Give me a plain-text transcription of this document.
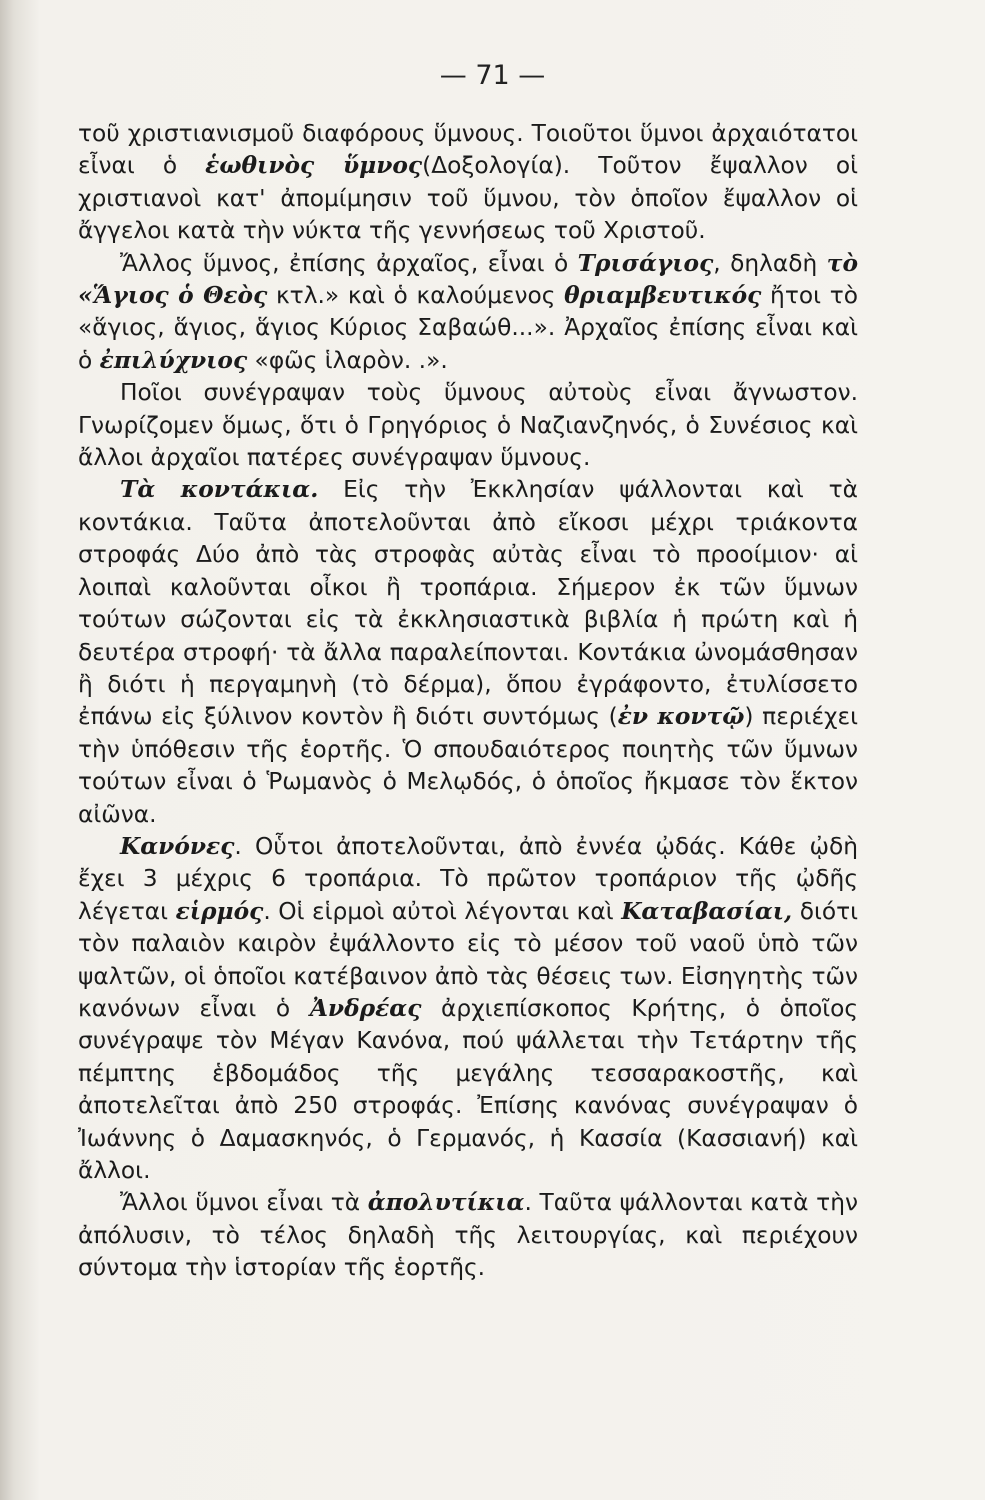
— 71 —

τοῦ χριστιανισμοῦ διαφόρους ὕμνους. Τοιοῦτοι ὕμνοι ἀρχαιότατοι εἶναι ὁ ἑωθινὸς ὕμνος(Δοξολογία). Τοῦτον ἔψαλλον οἱ χριστιανοὶ κατ' ἀπομίμησιν τοῦ ὕμνου, τὸν ὁποῖον ἔψαλλον οἱ ἄγγελοι κατὰ τὴν νύκτα τῆς γεννήσεως τοῦ Χριστοῦ.

Ἄλλος ὕμνος, ἐπίσης ἀρχαῖος, εἶναι ὁ Τρισάγιος, δηλαδὴ τὸ «Ἅγιος ὁ Θεὸς κτλ.» καὶ ὁ καλούμενος θριαμβευτικός ἤτοι τὸ «ἅγιος, ἅγιος, ἅγιος Κύριος Σαβαώθ...». Ἀρχαῖος ἐπίσης εἶναι καὶ ὁ ἐπιλύχνιος «φῶς ἱλαρὸν. .».

Ποῖοι συνέγραψαν τοὺς ὕμνους αὐτοὺς εἶναι ἄγνωστον. Γνωρίζομεν ὅμως, ὅτι ὁ Γρηγόριος ὁ Ναζιανζηνός, ὁ Συνέσιος καὶ ἄλλοι ἀρχαῖοι πατέρες συνέγραψαν ὕμνους.

Τὰ κοντάκια. Εἰς τὴν Ἐκκλησίαν ψάλλονται καὶ τὰ κοντάκια. Ταῦτα ἀποτελοῦνται ἀπὸ εἴκοσι μέχρι τριάκοντα στροφάς Δύο ἀπὸ τὰς στροφὰς αὐτὰς εἶναι τὸ προοίμιον· αἱ λοιπαὶ καλοῦνται οἶκοι ἢ τροπάρια. Σήμερον ἐκ τῶν ὕμνων τούτων σώζονται εἰς τὰ ἐκκλησιαστικὰ βιβλία ἡ πρώτη καὶ ἡ δευτέρα στροφή· τὰ ἄλλα παραλείπονται. Κοντάκια ὠνομάσθησαν ἢ διότι ἡ περγαμηνὴ (τὸ δέρμα), ὅπου ἐγράφοντο, ἐτυλίσσετο ἐπάνω εἰς ξύλινον κοντὸν ἢ διότι συντόμως (ἐν κοντῷ) περιέχει τὴν ὑπόθεσιν τῆς ἑορτῆς. Ὁ σπουδαιότερος ποιητὴς τῶν ὕμνων τούτων εἶναι ὁ Ῥωμανὸς ὁ Μελῳδός, ὁ ὁποῖος ἤκμασε τὸν ἕκτον αἰῶνα.

Κανόνες. Οὗτοι ἀποτελοῦνται, ἀπὸ ἐννέα ᾠδάς. Κάθε ᾠδὴ ἔχει 3 μέχρις 6 τροπάρια. Τὸ πρῶτον τροπάριον τῆς ᾠδῆς λέγεται εἱρμός. Οἱ εἱρμοὶ αὐτοὶ λέγονται καὶ Καταβασίαι, διότι τὸν παλαιὸν καιρὸν ἐψάλλοντο εἰς τὸ μέσον τοῦ ναοῦ ὑπὸ τῶν ψαλτῶν, οἱ ὁποῖοι κατέβαινον ἀπὸ τὰς θέσεις των. Εἰσηγητὴς τῶν κανόνων εἶναι ὁ Ἀνδρέας ἀρχιεπίσκοπος Κρήτης, ὁ ὁποῖος συνέγραψε τὸν Μέγαν Κανόνα, πού ψάλλεται τὴν Τετάρτην τῆς πέμπτης ἑβδομάδος τῆς μεγάλης τεσσαρακοστῆς, καὶ ἀποτελεῖται ἀπὸ 250 στροφάς. Ἐπίσης κανόνας συνέγραψαν ὁ Ἰωάννης ὁ Δαμασκηνός, ὁ Γερμανός, ἡ Κασσία (Κασσιανή) καὶ ἄλλοι.

Ἄλλοι ὕμνοι εἶναι τὰ ἀπολυτίκια. Ταῦτα ψάλλονται κατὰ τὴν ἀπόλυσιν, τὸ τέλος δηλαδὴ τῆς λειτουργίας, καὶ περιέχουν σύντομα τὴν ἱστορίαν τῆς ἑορτῆς.
